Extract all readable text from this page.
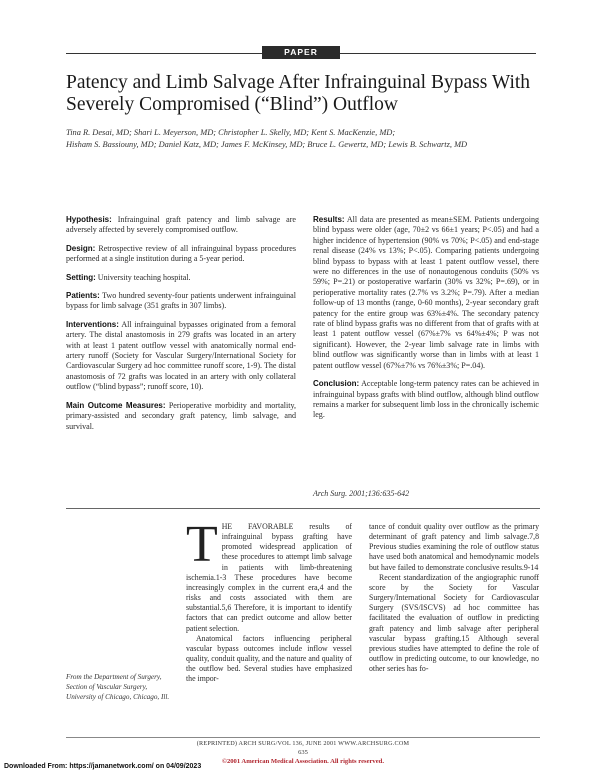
PAPER
Patency and Limb Salvage After Infrainguinal Bypass With Severely Compromised (“Blind”) Outflow
Tina R. Desai, MD; Shari L. Meyerson, MD; Christopher L. Skelly, MD; Kent S. MacKenzie, MD;
Hisham S. Bassiouny, MD; Daniel Katz, MD; James F. McKinsey, MD; Bruce L. Gewertz, MD; Lewis B. Schwartz, MD

Hypothesis: Infrainguinal graft patency and limb salvage are adversely affected by severely compromised outflow.

Design: Retrospective review of all infrainguinal bypass procedures performed at a single institution during a 5-year period.

Setting: University teaching hospital.

Patients: Two hundred seventy-four patients underwent infrainguinal bypass for limb salvage (351 grafts in 307 limbs).

Interventions: All infrainguinal bypasses originated from a femoral artery. The distal anastomosis in 279 grafts was located in an artery with at least 1 patent outflow vessel with anatomically normal end-artery runoff (Society for Vascular Surgery/International Society for Cardiovascular Surgery ad hoc committee runoff score, 1-9). The distal anastomosis of 72 grafts was located in an artery with only collateral outflow (“blind bypass”; runoff score, 10).

Main Outcome Measures: Perioperative morbidity and mortality, primary-assisted and secondary graft patency, limb salvage, and survival.

Results: All data are presented as mean±SEM. Patients undergoing blind bypass were older (age, 70±2 vs 66±1 years; P<.05) and had a higher incidence of hypertension (90% vs 70%; P<.05) and end-stage renal disease (24% vs 13%; P<.05). Comparing patients undergoing blind bypass to bypass with at least 1 patent outflow vessel, there were no differences in the use of nonautogenous conduits (50% vs 59%; P=.21) or postoperative warfarin (30% vs 32%; P=.69), or in perioperative mortality rates (2.7% vs 3.2%; P=.79). After a median follow-up of 13 months (range, 0-60 months), 2-year secondary graft patency for the entire group was 63%±4%. The secondary patency rate of blind bypass grafts was no different from that of grafts with at least 1 patent outflow vessel (67%±7% vs 64%±4%; P was not significant). However, the 2-year limb salvage rate in limbs with blind outflow was significantly worse than in limbs with at least 1 patent outflow vessel (67%±7% vs 76%±3%; P=.04).

Conclusion: Acceptable long-term patency rates can be achieved in infrainguinal bypass grafts with blind outflow, although blind outflow remains a marker for subsequent limb loss in the chronically ischemic leg.

Arch Surg. 2001;136:635-642

THE FAVORABLE results of infrainguinal bypass grafting have promoted widespread application of these procedures to attempt limb salvage in patients with limb-threatening ischemia.1-3 These procedures have become increasingly complex in the current era,4 and the risks and costs associated with them are substantial.5,6 Therefore, it is important to identify factors that can predict outcome and allow better patient selection.

Anatomical factors influencing peripheral vascular bypass outcomes include inflow vessel quality, conduit quality, and the nature and quality of the outflow bed. Several studies have emphasized the impor-

tance of conduit quality over outflow as the primary determinant of graft patency and limb salvage.7,8 Previous studies examining the role of outflow status have used both anatomical and hemodynamic models but have failed to demonstrate conclusive results.9-14

Recent standardization of the angiographic runoff score by the Society for Vascular Surgery/International Society for Cardiovascular Surgery (SVS/ISCVS) ad hoc committee has facilitated the evaluation of outflow in predicting graft patency and limb salvage after peripheral vascular bypass grafting.15 Although several previous studies have attempted to define the role of outflow in predicting outcome, to our knowledge, no other series has fo-

From the Department of Surgery, Section of Vascular Surgery, University of Chicago, Chicago, Ill.
(REPRINTED) ARCH SURG/VOL 136, JUNE 2001 WWW.ARCHSURG.COM
635
©2001 American Medical Association. All rights reserved.
Downloaded From: https://jamanetwork.com/ on 04/09/2023
